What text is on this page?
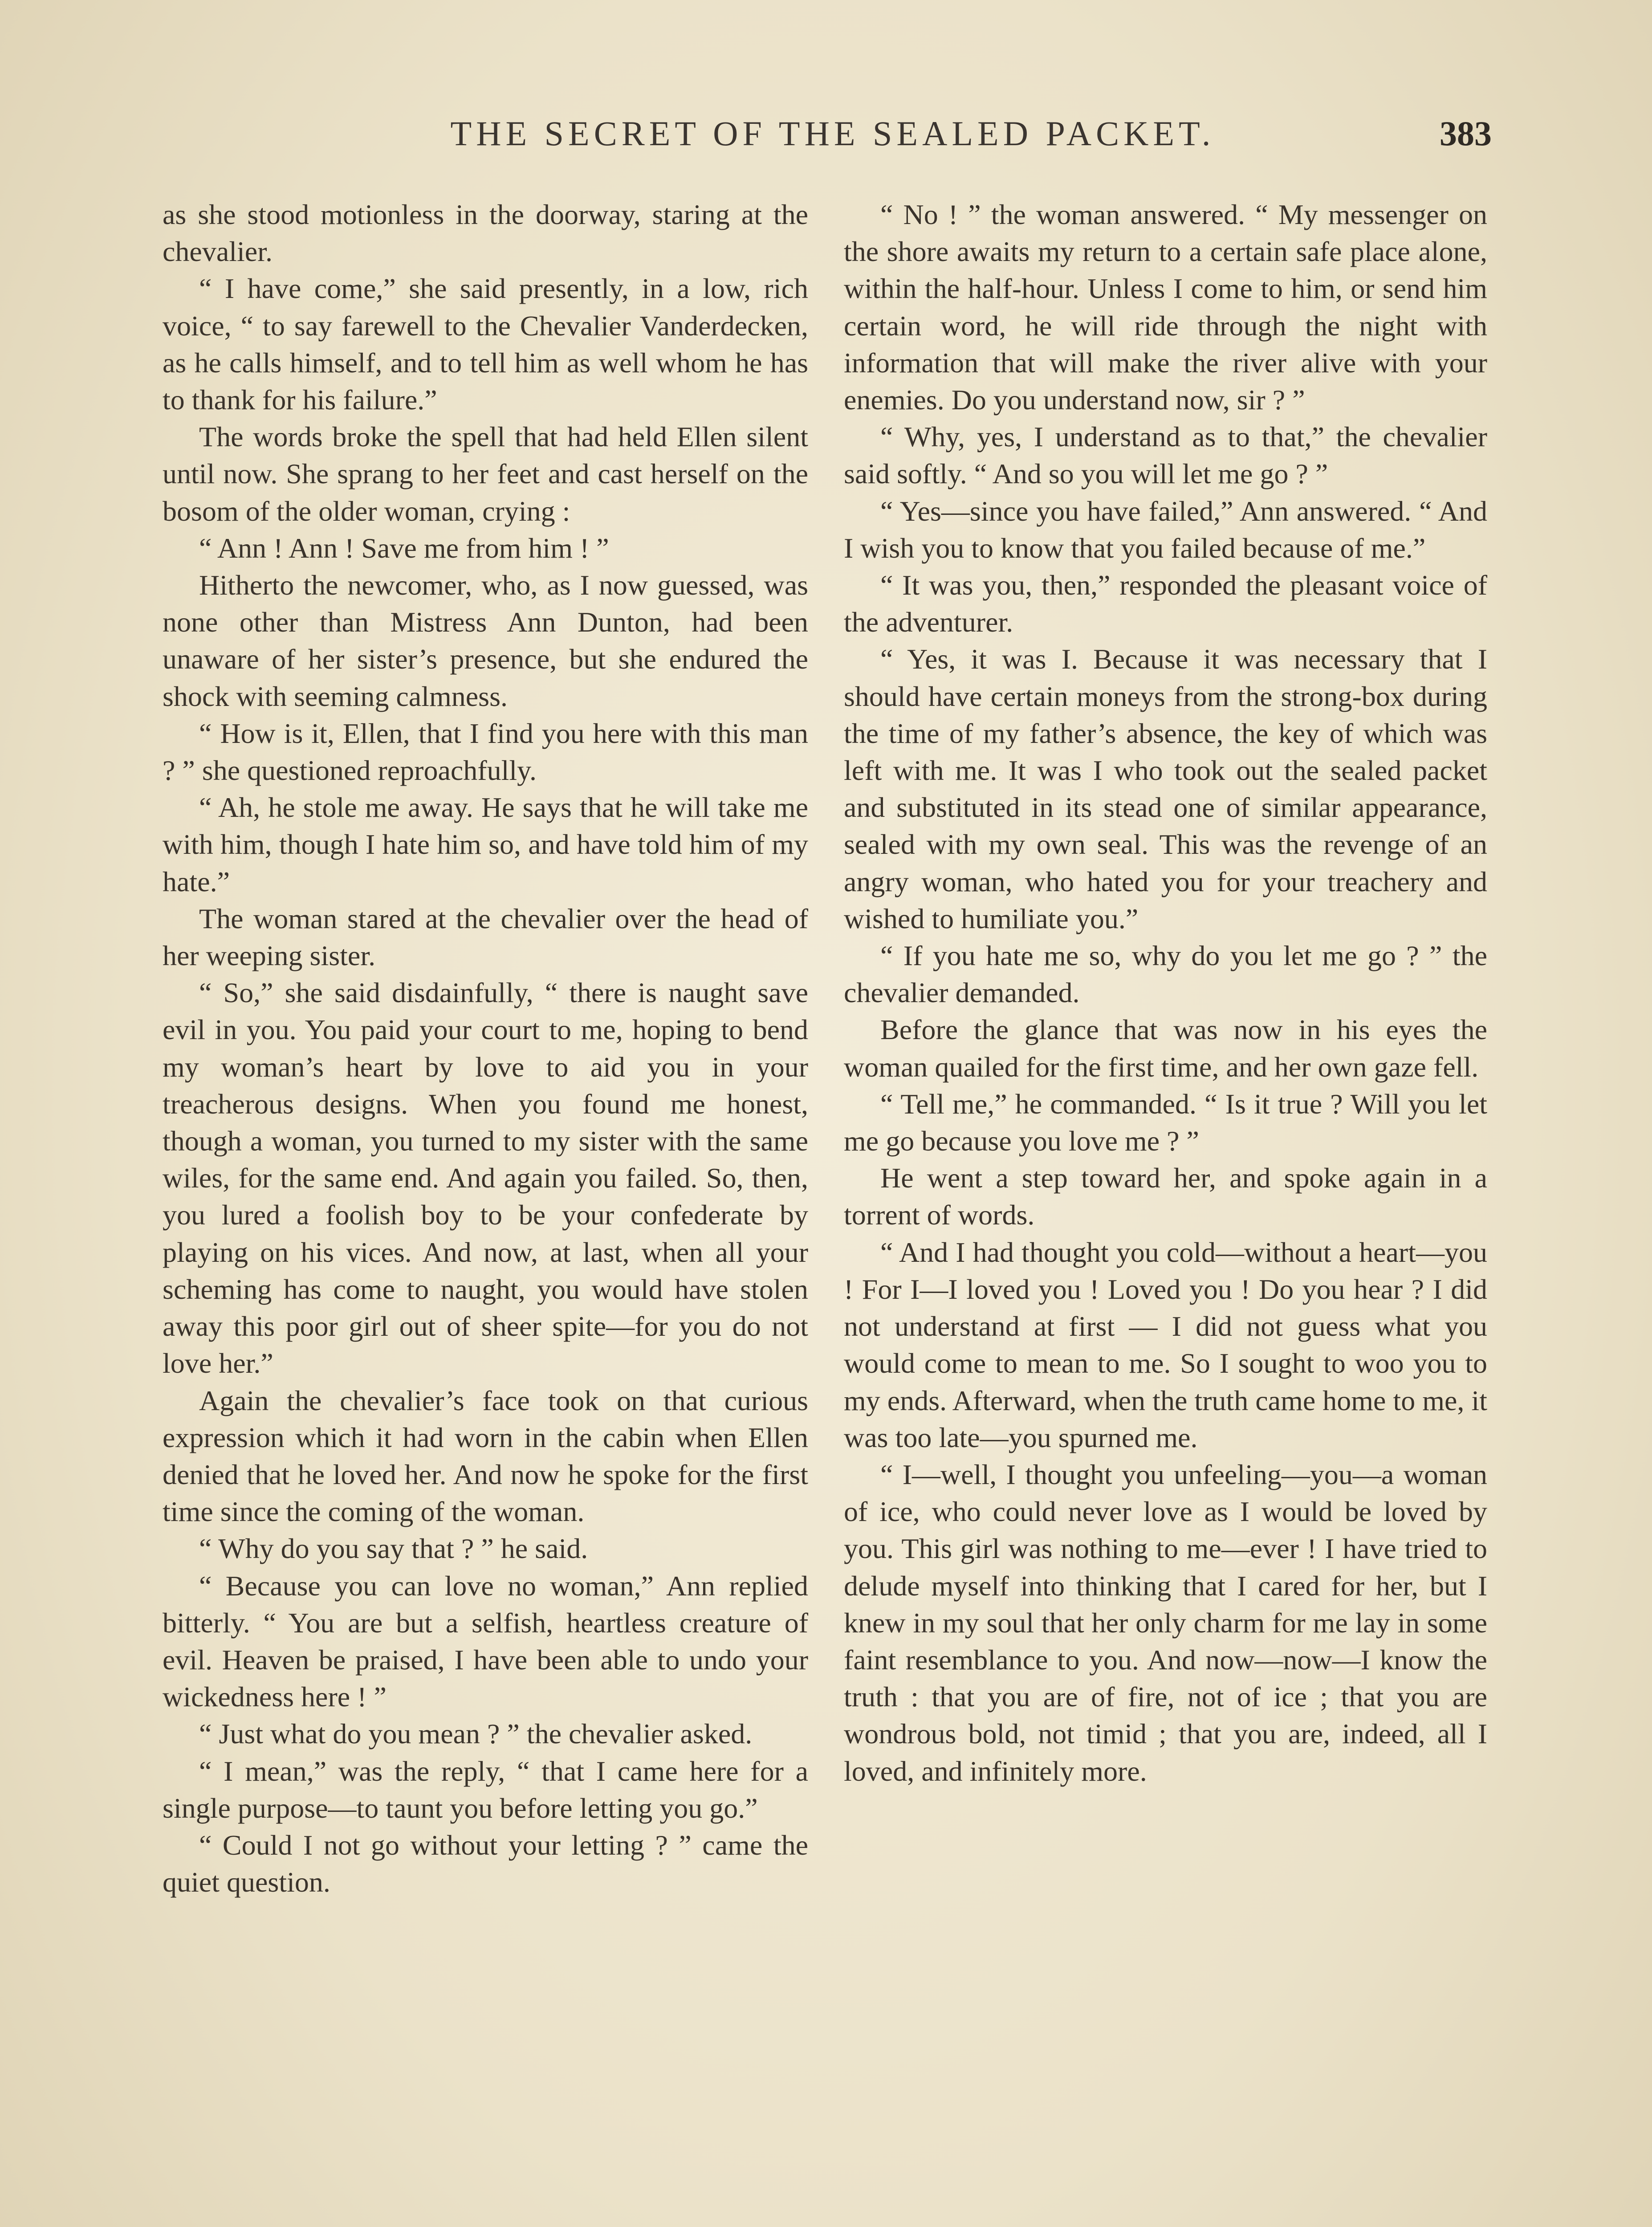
THE SECRET OF THE SEALED PACKET.	383

as she stood motionless in the doorway, staring at the chevalier.

“ I have come,” she said presently, in a low, rich voice, “ to say farewell to the Chevalier Vanderdecken, as he calls himself, and to tell him as well whom he has to thank for his failure.”

The words broke the spell that had held Ellen silent until now. She sprang to her feet and cast herself on the bosom of the older woman, crying :

“ Ann ! Ann ! Save me from him ! ”

Hitherto the newcomer, who, as I now guessed, was none other than Mistress Ann Dunton, had been unaware of her sister’s presence, but she endured the shock with seeming calmness.

“ How is it, Ellen, that I find you here with this man ? ” she questioned reproachfully.

“ Ah, he stole me away. He says that he will take me with him, though I hate him so, and have told him of my hate.”

The woman stared at the chevalier over the head of her weeping sister.

“ So,” she said disdainfully, “ there is naught save evil in you. You paid your court to me, hoping to bend my woman’s heart by love to aid you in your treacherous designs. When you found me honest, though a woman, you turned to my sister with the same wiles, for the same end. And again you failed. So, then, you lured a foolish boy to be your confederate by playing on his vices. And now, at last, when all your scheming has come to naught, you would have stolen away this poor girl out of sheer spite—for you do not love her.”

Again the chevalier’s face took on that curious expression which it had worn in the cabin when Ellen denied that he loved her. And now he spoke for the first time since the coming of the woman.

“ Why do you say that ? ” he said.

“ Because you can love no woman,” Ann replied bitterly. “ You are but a selfish, heartless creature of evil. Heaven be praised, I have been able to undo your wickedness here ! ”

“ Just what do you mean ? ” the chevalier asked.

“ I mean,” was the reply, “ that I came here for a single purpose—to taunt you before letting you go.”

“ Could I not go without your letting ? ” came the quiet question.

“ No ! ” the woman answered. “ My messenger on the shore awaits my return to a certain safe place alone, within the half-hour. Unless I come to him, or send him certain word, he will ride through the night with information that will make the river alive with your enemies. Do you understand now, sir ? ”

“ Why, yes, I understand as to that,” the chevalier said softly. “ And so you will let me go ? ”

“ Yes—since you have failed,” Ann answered. “ And I wish you to know that you failed because of me.”

“ It was you, then,” responded the pleasant voice of the adventurer.

“ Yes, it was I. Because it was necessary that I should have certain moneys from the strong-box during the time of my father’s absence, the key of which was left with me. It was I who took out the sealed packet and substituted in its stead one of similar appearance, sealed with my own seal. This was the revenge of an angry woman, who hated you for your treachery and wished to humiliate you.”

“ If you hate me so, why do you let me go ? ” the chevalier demanded.

Before the glance that was now in his eyes the woman quailed for the first time, and her own gaze fell.

“ Tell me,” he commanded. “ Is it true ? Will you let me go because you love me ? ”

He went a step toward her, and spoke again in a torrent of words.

“ And I had thought you cold—without a heart—you ! For I—I loved you ! Loved you ! Do you hear ? I did not understand at first — I did not guess what you would come to mean to me. So I sought to woo you to my ends. Afterward, when the truth came home to me, it was too late—you spurned me.

“ I—well, I thought you unfeeling—you—a woman of ice, who could never love as I would be loved by you. This girl was nothing to me—ever ! I have tried to delude myself into thinking that I cared for her, but I knew in my soul that her only charm for me lay in some faint resemblance to you. And now—now—I know the truth : that you are of fire, not of ice ; that you are wondrous bold, not timid ; that you are, indeed, all I loved, and infinitely more.
